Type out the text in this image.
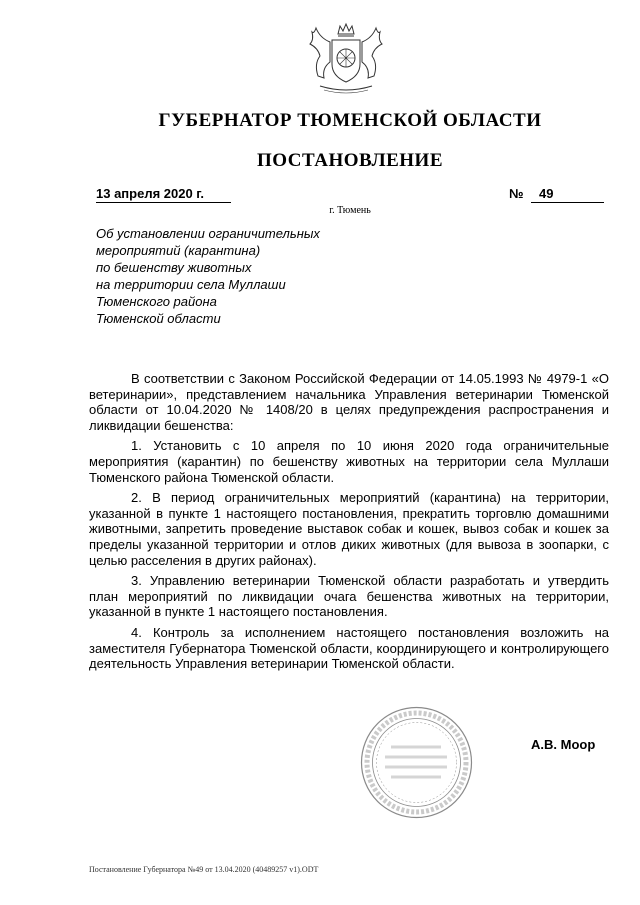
ГУБЕРНАТОР ТЮМЕНСКОЙ ОБЛАСТИ
ПОСТАНОВЛЕНИЕ
13 апреля 2020 г.	№ 49
г. Тюмень
Об установлении ограничительных
мероприятий (карантина)
по бешенству животных
на территории села Муллаши
Тюменского района
Тюменской области

В соответствии с Законом Российской Федерации от 14.05.1993 № 4979-1 «О ветеринарии», представлением начальника Управления ветеринарии Тюменской области от 10.04.2020 № 1408/20 в целях предупреждения распространения и ликвидации бешенства:

1. Установить с 10 апреля по 10 июня 2020 года ограничительные мероприятия (карантин) по бешенству животных на территории села Муллаши Тюменского района Тюменской области.

2. В период ограничительных мероприятий (карантина) на территории, указанной в пункте 1 настоящего постановления, прекратить торговлю домашними животными, запретить проведение выставок собак и кошек, вывоз собак и кошек за пределы указанной территории и отлов диких животных (для вывоза в зоопарки, с целью расселения в других районах).

3. Управлению ветеринарии Тюменской области разработать и утвердить план мероприятий по ликвидации очага бешенства животных на территории, указанной в пункте 1 настоящего постановления.

4. Контроль за исполнением настоящего постановления возложить на заместителя Губернатора Тюменской области, координирующего и контролирующего деятельность Управления ветеринарии Тюменской области.

А.В. Моор
Постановление Губернатора №49 от 13.04.2020 (40489257 v1).ODT
